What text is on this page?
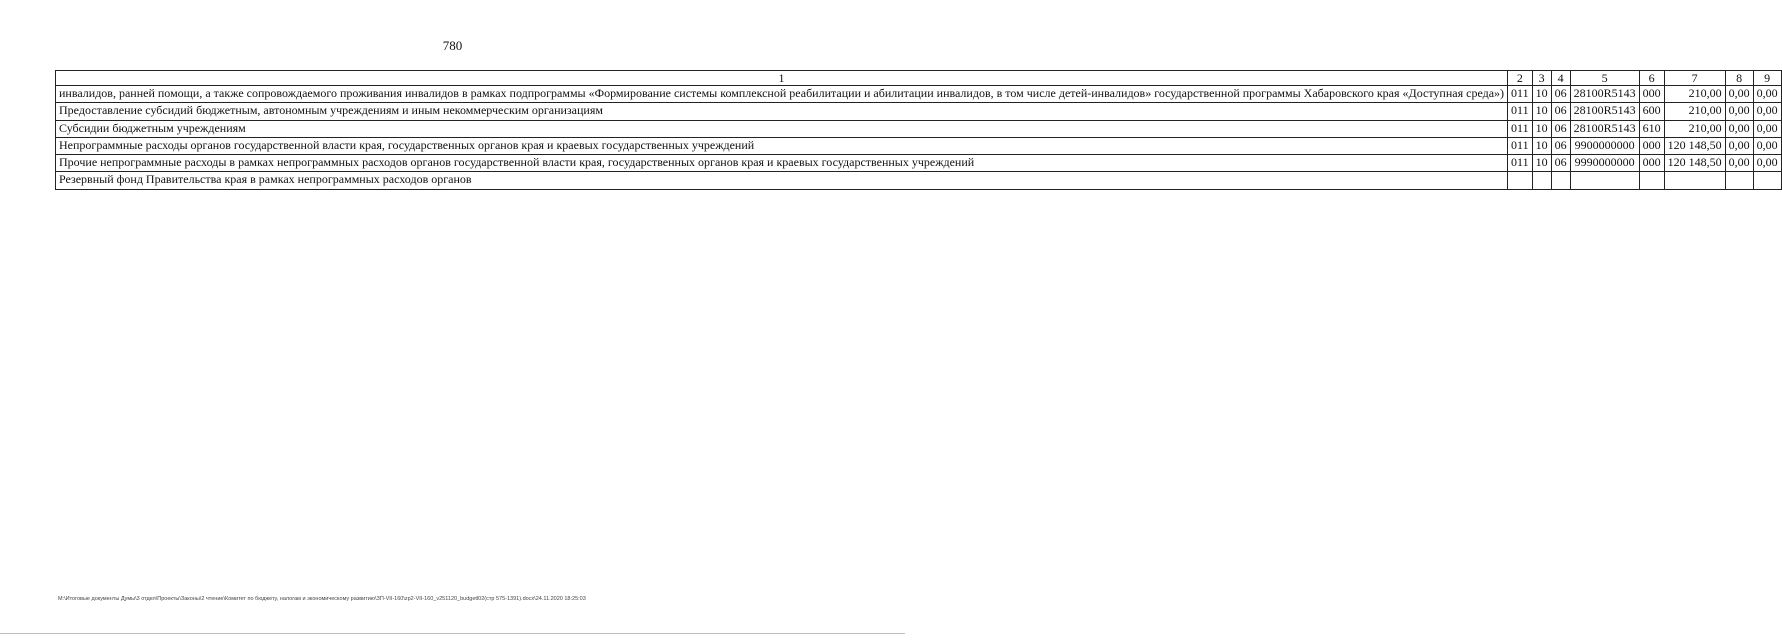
780
1	2	3	4	5	6	7	8	9
инвалидов, ранней помощи, а также сопровождаемого проживания инвалидов в рамках подпрограммы «Формирование системы комплексной реабилитации и абилитации инвалидов, в том числе детей-инвалидов» государственной программы Хабаровского края «Доступная среда»)	011	10	06	28100R5143	000	210,00	0,00	0,00
Предоставление субсидий бюджетным, автономным учреждениям и иным некоммерческим организациям	011	10	06	28100R5143	600	210,00	0,00	0,00
Субсидии бюджетным учреждениям	011	10	06	28100R5143	610	210,00	0,00	0,00
Непрограммные расходы органов государственной власти края, государственных органов края и краевых государственных учреждений	011	10	06	9900000000	000	120 148,50	0,00	0,00
Прочие непрограммные расходы в рамках непрограммных расходов органов государственной власти края, государственных органов края и краевых государственных учреждений	011	10	06	9990000000	000	120 148,50	0,00	0,00
Резервный фонд Правительства края в рамках непрограммных расходов органов								
M:\Итоговые документы Думы\3 отдел\Проекты\Законы\2 чтение\Комитет по бюджету, налогам и экономическому развитию\ЗП-VII-160\zp2-VII-160_v251120_budgetl02(стр 575-1391).docx\24.11.2020 18:25:03
